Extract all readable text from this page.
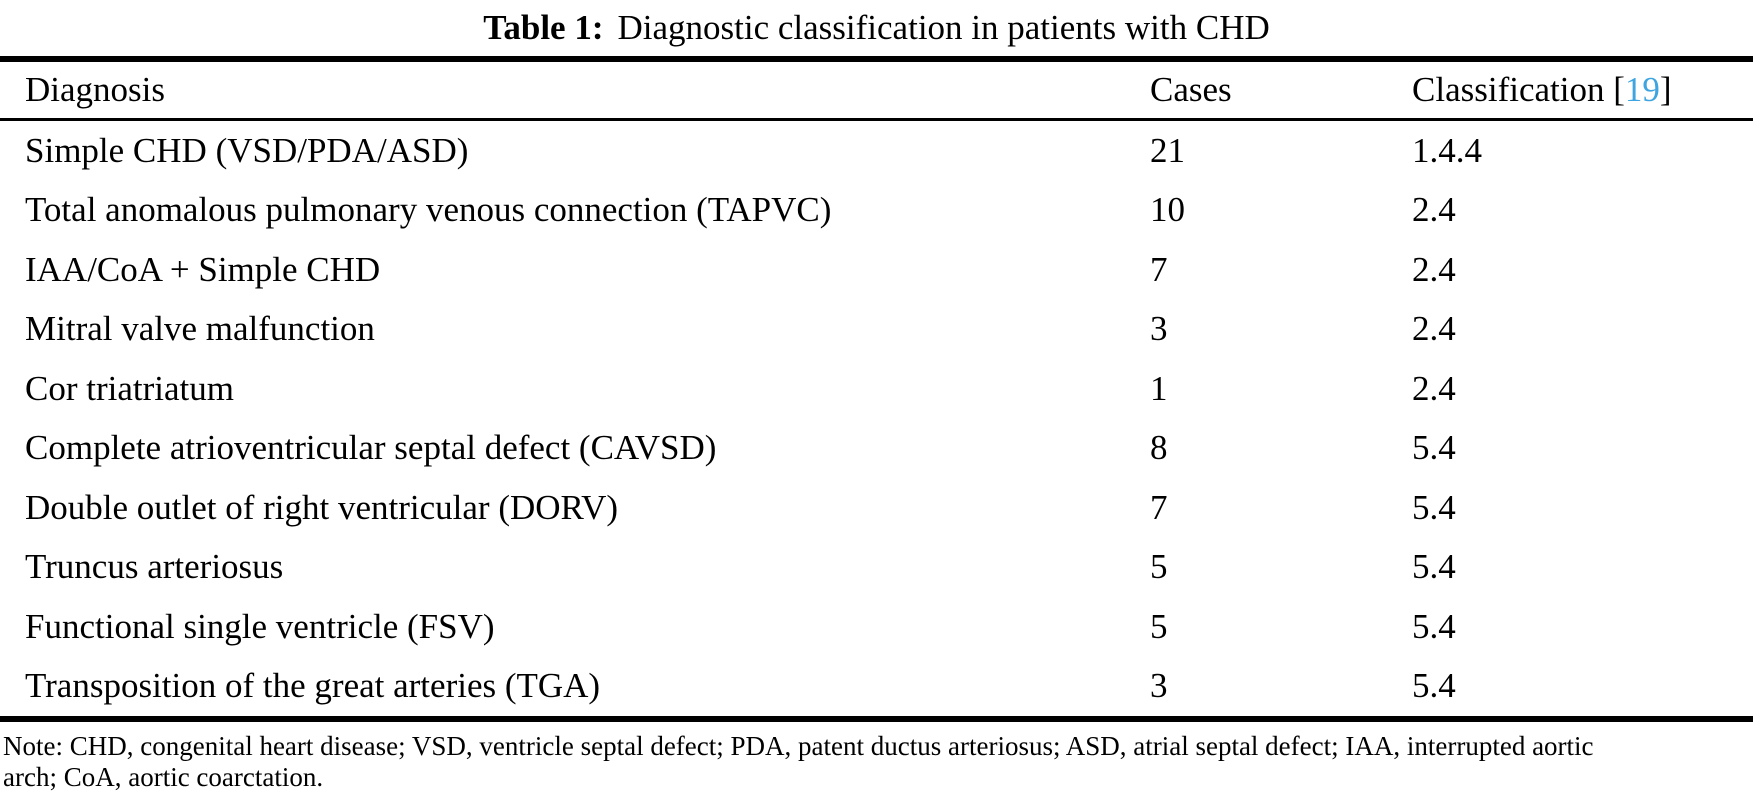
Table 1: Diagnostic classification in patients with CHD
Diagnosis	Cases	Classification [19]
Simple CHD (VSD/PDA/ASD)	21	1.4.4
Total anomalous pulmonary venous connection (TAPVC)	10	2.4
IAA/CoA + Simple CHD	7	2.4
Mitral valve malfunction	3	2.4
Cor triatriatum	1	2.4
Complete atrioventricular septal defect (CAVSD)	8	5.4
Double outlet of right ventricular (DORV)	7	5.4
Truncus arteriosus	5	5.4
Functional single ventricle (FSV)	5	5.4
Transposition of the great arteries (TGA)	3	5.4
Note: CHD, congenital heart disease; VSD, ventricle septal defect; PDA, patent ductus arteriosus; ASD, atrial septal defect; IAA, interrupted aortic
arch; CoA, aortic coarctation.
